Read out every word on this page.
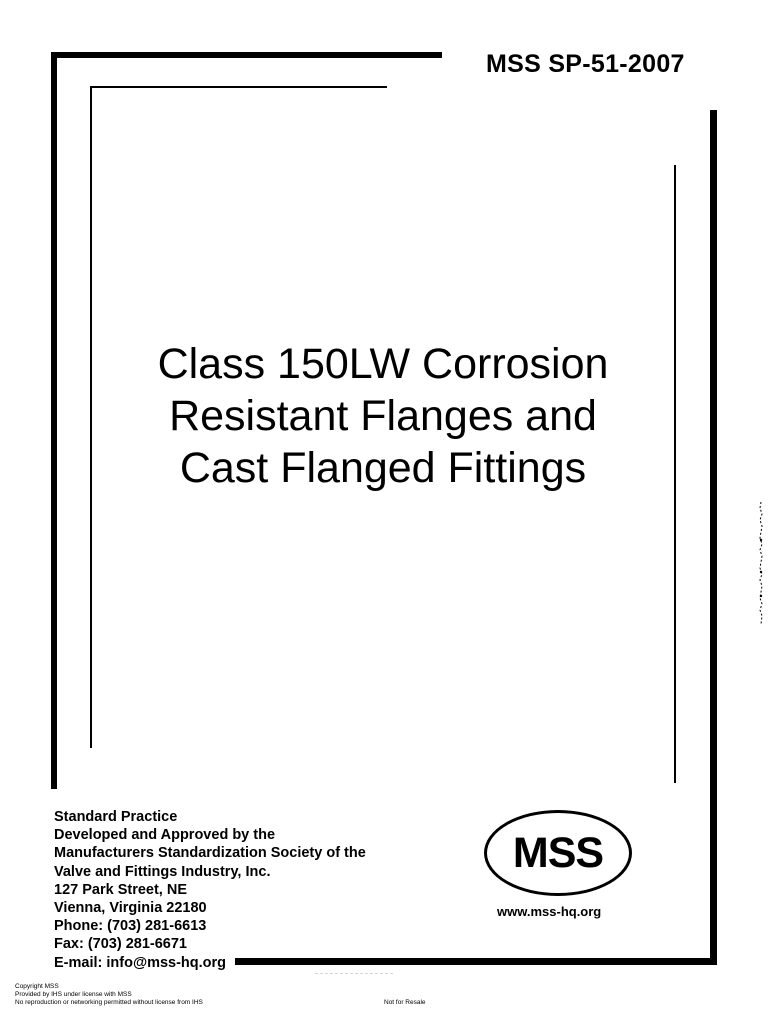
MSS SP-51-2007
Class 150LW Corrosion
Resistant Flanges and
Cast Flanged Fittings
Standard Practice
Developed and Approved by the
Manufacturers Standardization Society of the
Valve and Fittings Industry, Inc.
127 Park Street, NE
Vienna, Virginia 22180
Phone: (703) 281-6613
Fax: (703) 281-6671
E-mail: info@mss-hq.org
MSS
www.mss-hq.org
Copyright MSS
Provided by IHS under license with MSS
No reproduction or networking permitted without license from IHS	Not for Resale
